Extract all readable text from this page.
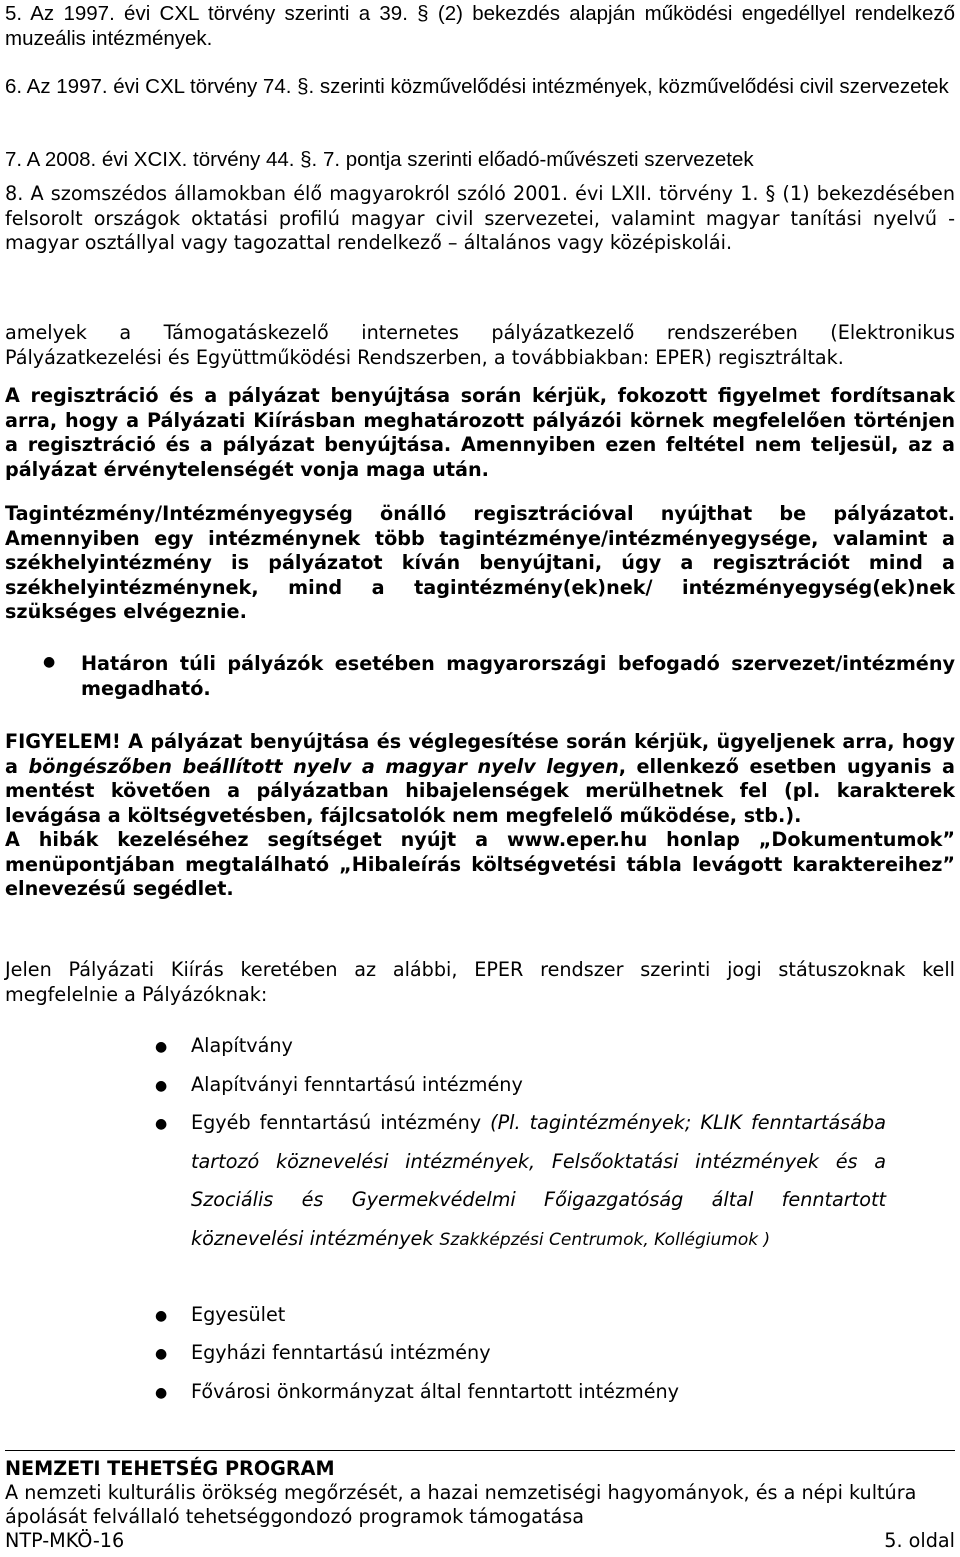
5. Az 1997. évi CXL törvény szerinti a 39. § (2) bekezdés alapján működési engedéllyel rendelkező muzeális intézmények.
6. Az 1997. évi CXL törvény 74. §. szerinti közművelődési intézmények, közművelődési civil szervezetek
7. A 2008. évi XCIX. törvény 44. §. 7. pontja szerinti előadó-művészeti szervezetek
8. A szomszédos államokban élő magyarokról szóló 2001. évi LXII. törvény 1. § (1) bekezdésében felsorolt országok oktatási profilú magyar civil szervezetei, valamint magyar tanítási nyelvű - magyar osztállyal vagy tagozattal rendelkező – általános vagy középiskolái.
amelyek a Támogatáskezelő internetes pályázatkezelő rendszerében (Elektronikus Pályázatkezelési és Együttműködési Rendszerben, a továbbiakban: EPER) regisztráltak.
A regisztráció és a pályázat benyújtása során kérjük, fokozott figyelmet fordítsanak arra, hogy a Pályázati Kiírásban meghatározott pályázói körnek megfelelően történjen a regisztráció és a pályázat benyújtása. Amennyiben ezen feltétel nem teljesül, az a pályázat érvénytelenségét vonja maga után.
Tagintézmény/Intézményegység önálló regisztrációval nyújthat be pályázatot. Amennyiben egy intézménynek több tagintézménye/intézményegysége, valamint a székhelyintézmény is pályázatot kíván benyújtani, úgy a regisztrációt mind a székhelyintézménynek, mind a tagintézmény(ek)nek/ intézményegység(ek)nek szükséges elvégeznie.
● Határon túli pályázók esetében magyarországi befogadó szervezet/intézmény megadható.
FIGYELEM! A pályázat benyújtása és véglegesítése során kérjük, ügyeljenek arra, hogy a böngészőben beállított nyelv a magyar nyelv legyen, ellenkező esetben ugyanis a mentést követően a pályázatban hibajelenségek merülhetnek fel (pl. karakterek levágása a költségvetésben, fájlcsatolók nem megfelelő működése, stb.).

A hibák kezeléséhez segítséget nyújt a www.eper.hu honlap „Dokumentumok” menüpontjában megtalálható „Hibaleírás költségvetési tábla levágott karaktereihez” elnevezésű segédlet.

Jelen Pályázati Kiírás keretében az alábbi, EPER rendszer szerinti jogi státuszoknak kell megfelelnie a Pályázóknak:
● Alapítvány
● Alapítványi fenntartású intézmény
● Egyéb fenntartású intézmény (Pl. tagintézmények; KLIK fenntartásába tartozó köznevelési intézmények, Felsőoktatási intézmények és a Szociális és Gyermekvédelmi Főigazgatóság által fenntartott köznevelési intézmények Szakképzési Centrumok, Kollégiumok )
● Egyesület
● Egyházi fenntartású intézmény
● Fővárosi önkormányzat által fenntartott intézmény
NEMZETI TEHETSÉG PROGRAM
A nemzeti kulturális örökség megőrzését, a hazai nemzetiségi hagyományok, és a népi kultúra ápolását felvállaló tehetséggondozó programok támogatása
NTP-MKÖ-16	5. oldal
